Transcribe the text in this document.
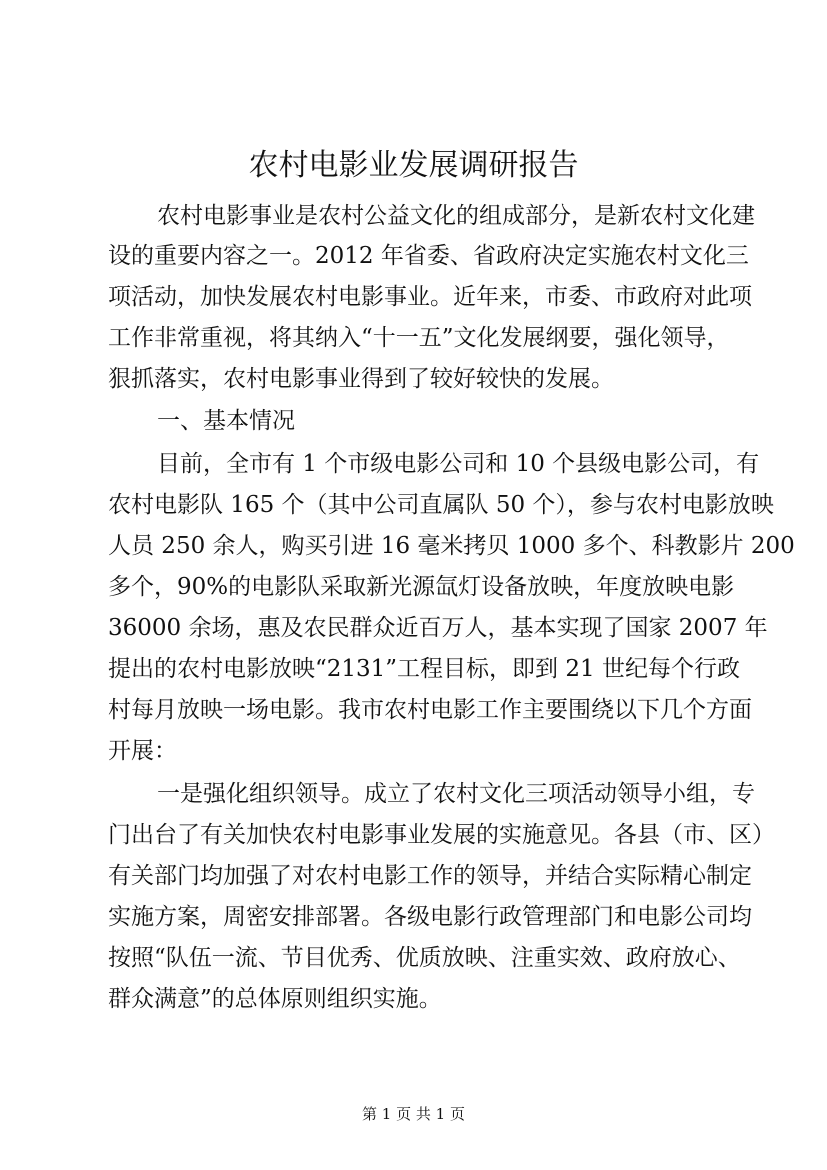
农村电影业发展调研报告
农村电影事业是农村公益文化的组成部分，是新农村文化建
设的重要内容之一。2012 年省委、省政府决定实施农村文化三
项活动，加快发展农村电影事业。近年来，市委、市政府对此项
工作非常重视，将其纳入“十一五”文化发展纲要，强化领导，
狠抓落实，农村电影事业得到了较好较快的发展。
一、基本情况
目前，全市有 1 个市级电影公司和 10 个县级电影公司，有
农村电影队 165 个（其中公司直属队 50 个），参与农村电影放映
人员 250 余人，购买引进 16 毫米拷贝 1000 多个、科教影片 200
多个，90%的电影队采取新光源氙灯设备放映，年度放映电影
36000 余场，惠及农民群众近百万人，基本实现了国家 2007 年
提出的农村电影放映“2131”工程目标，即到 21 世纪每个行政
村每月放映一场电影。我市农村电影工作主要围绕以下几个方面
开展：
一是强化组织领导。成立了农村文化三项活动领导小组，专
门出台了有关加快农村电影事业发展的实施意见。各县（市、区）
有关部门均加强了对农村电影工作的领导，并结合实际精心制定
实施方案，周密安排部署。各级电影行政管理部门和电影公司均
按照“队伍一流、节目优秀、优质放映、注重实效、政府放心、
群众满意”的总体原则组织实施。
第 1 页 共 1 页
